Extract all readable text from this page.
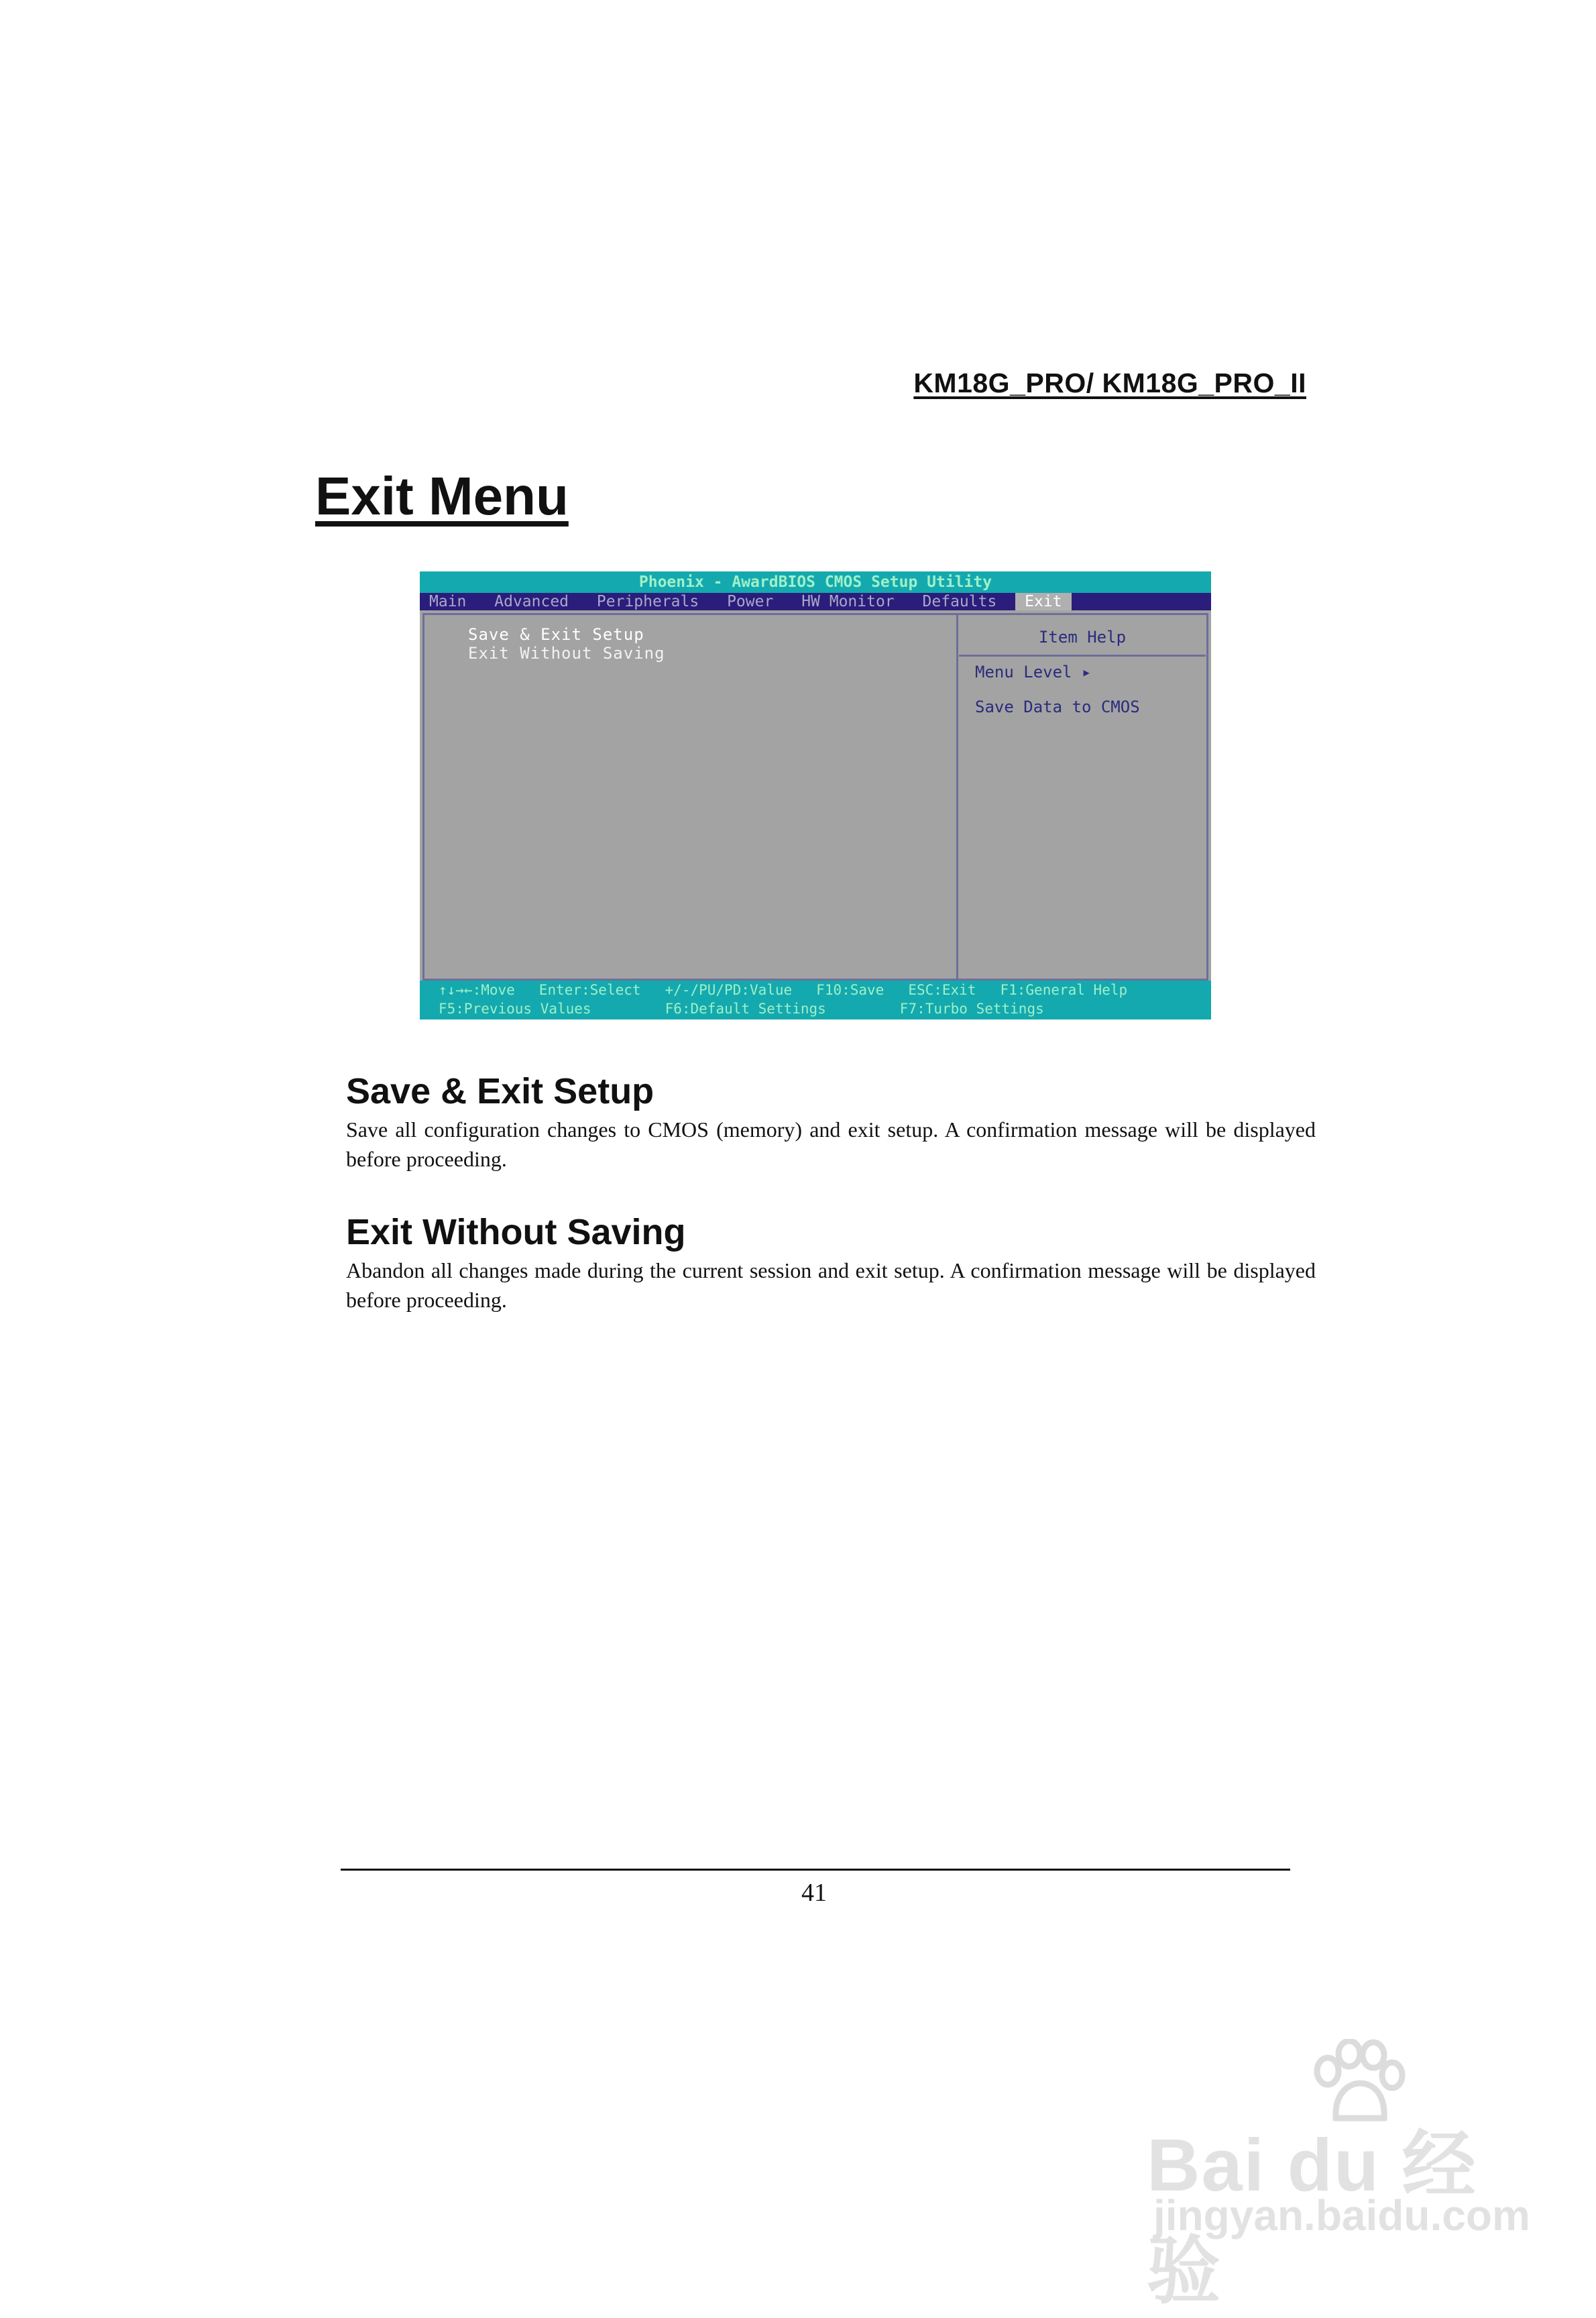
KM18G_PRO/ KM18G_PRO_II
Exit Menu
Phoenix - AwardBIOS CMOS Setup Utility
Main Advanced Peripherals Power HW Monitor Defaults Exit
Save & Exit Setup
Exit Without Saving
Item Help
Menu Level ▸
Save Data to CMOS
↑↓→←:Move Enter:Select +/-/PU/PD:Value F10:Save ESC:Exit F1:General Help
F5:Previous Values	F6:Default Settings	F7:Turbo Settings
Save & Exit Setup

Save all configuration changes to CMOS (memory) and exit setup. A confirmation message will be displayed before proceeding.

Exit Without Saving

Abandon all changes made during the current session and exit setup. A confirmation message will be displayed before proceeding.

41
Bai du 经验
jingyan.baidu.com
